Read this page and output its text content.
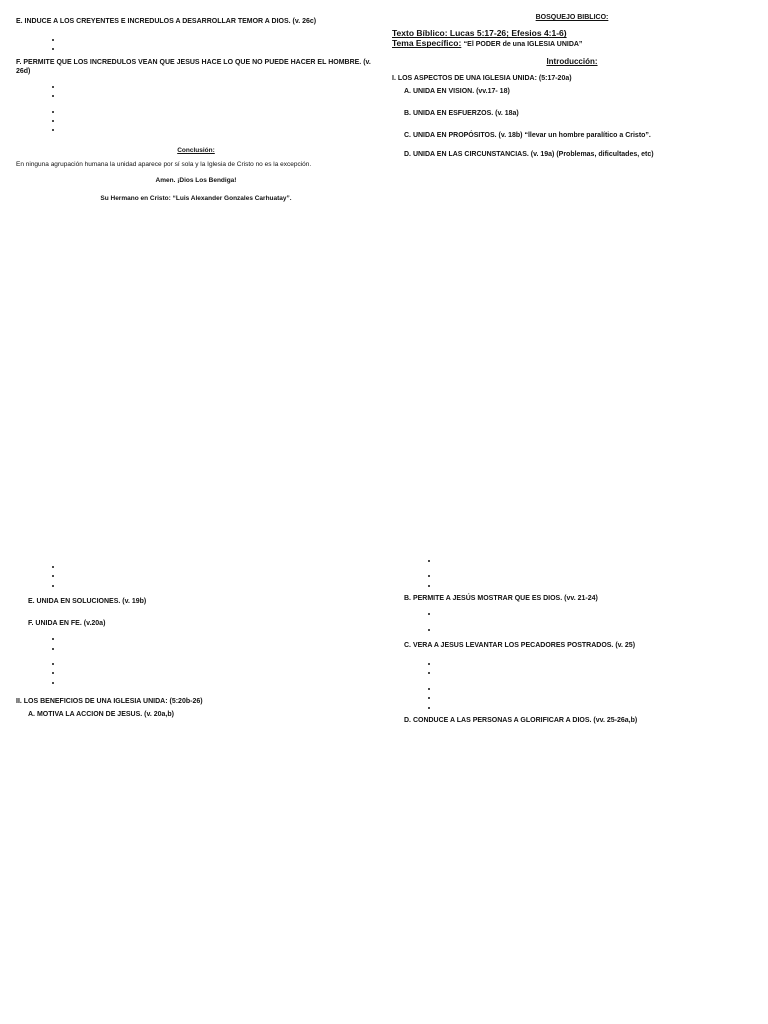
E. INDUCE A LOS CREYENTES E INCREDULOS A DESARROLLAR TEMOR A DIOS. (v. 26c)
•
•
F. PERMITE QUE LOS INCREDULOS VEAN QUE JESUS HACE LO QUE NO PUEDE HACER EL HOMBRE. (v. 26d)
•
•
•
•
•
Conclusión:
En ninguna agrupación humana la unidad aparece por sí sola y la Iglesia de Cristo no es la excepción.
Amen. ¡Dios Los Bendiga!
Su Hermano en Cristo: “Luis Alexander Gonzales Carhuatay”.
BOSQUEJO BIBLICO:
Texto Bíblico: Lucas 5:17-26; Efesios 4:1-6)
Tema Específico: “El PODER de una IGLESIA UNIDA”
Introducción:
I. LOS ASPECTOS DE UNA IGLESIA UNIDA: (5:17-20a)
A. UNIDA EN VISION. (vv.17- 18)
B. UNIDA EN ESFUERZOS. (v. 18a)
C. UNIDA EN PROPÓSITOS. (v. 18b) “llevar un hombre paralítico a Cristo”.
D. UNIDA EN LAS CIRCUNSTANCIAS. (v. 19a) (Problemas, dificultades, etc)
•
•
•
E. UNIDA EN SOLUCIONES. (v. 19b)
F. UNIDA EN FE. (v.20a)
•
•
•
•
•
II. LOS BENEFICIOS DE UNA IGLESIA UNIDA: (5:20b-26)
A. MOTIVA LA ACCION DE JESUS. (v. 20a,b)
•
•
•
B. PERMITE A JESÚS MOSTRAR QUE ES DIOS. (vv. 21-24)
•
•
C. VERA A JESUS LEVANTAR LOS PECADORES POSTRADOS. (v. 25)
•
•
•
•
•
D. CONDUCE A LAS PERSONAS A GLORIFICAR A DIOS. (vv. 25-26a,b)
